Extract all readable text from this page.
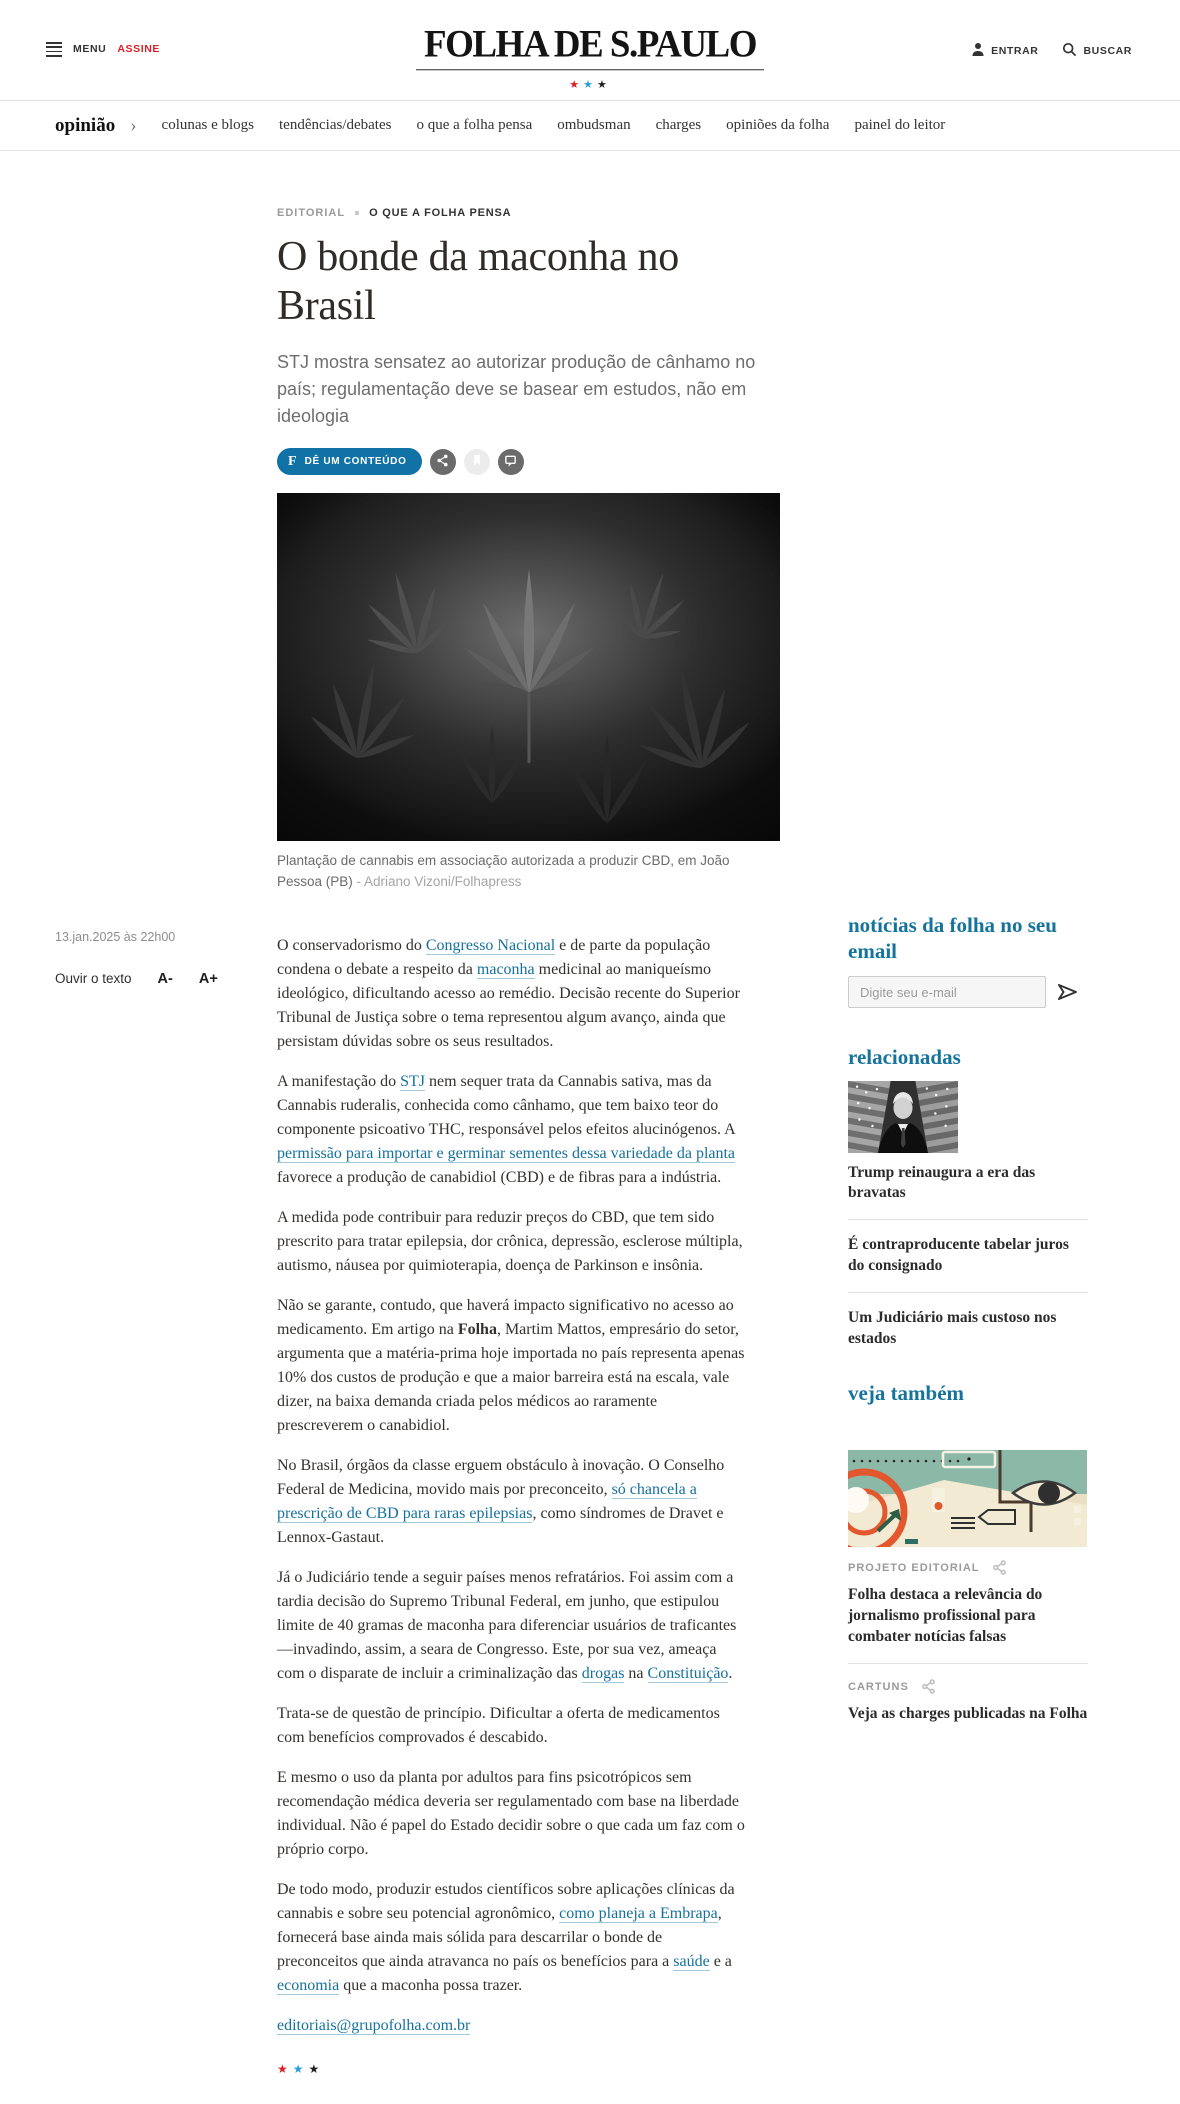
MENU ASSINE	FOLHA DE S.PAULO
★★★
ENTRAR	BUSCAR
opinião › colunas e blogs tendências/debates o que a folha pensa ombudsman charges opiniões da folha painel do leitor
EDITORIAL O QUE A FOLHA PENSA
O bonde da maconha no Brasil

STJ mostra sensatez ao autorizar produção de cânhamo no país; regulamentação deve se basear em estudos, não em ideologia

F DÊ UM CONTEÚDO
Plantação de cannabis em associação autorizada a produzir CBD, em João Pessoa (PB) - Adriano Vizoni/Folhapress
13.jan.2025 às 22h00
Ouvir o texto A- A+

O conservadorismo do Congresso Nacional e de parte da população condena o debate a respeito da maconha medicinal ao maniqueísmo ideológico, dificultando acesso ao remédio. Decisão recente do Superior Tribunal de Justiça sobre o tema representou algum avanço, ainda que persistam dúvidas sobre os seus resultados.

A manifestação do STJ nem sequer trata da Cannabis sativa, mas da Cannabis ruderalis, conhecida como cânhamo, que tem baixo teor do componente psicoativo THC, responsável pelos efeitos alucinógenos. A permissão para importar e germinar sementes dessa variedade da planta favorece a produção de canabidiol (CBD) e de fibras para a indústria.

A medida pode contribuir para reduzir preços do CBD, que tem sido prescrito para tratar epilepsia, dor crônica, depressão, esclerose múltipla, autismo, náusea por quimioterapia, doença de Parkinson e insônia.

Não se garante, contudo, que haverá impacto significativo no acesso ao medicamento. Em artigo na Folha, Martim Mattos, empresário do setor, argumenta que a matéria-prima hoje importada no país representa apenas 10% dos custos de produção e que a maior barreira está na escala, vale dizer, na baixa demanda criada pelos médicos ao raramente prescreverem o canabidiol.

No Brasil, órgãos da classe erguem obstáculo à inovação. O Conselho Federal de Medicina, movido mais por preconceito, só chancela a prescrição de CBD para raras epilepsias, como síndromes de Dravet e Lennox-Gastaut.

Já o Judiciário tende a seguir países menos refratários. Foi assim com a tardia decisão do Supremo Tribunal Federal, em junho, que estipulou limite de 40 gramas de maconha para diferenciar usuários de traficantes —invadindo, assim, a seara de Congresso. Este, por sua vez, ameaça com o disparate de incluir a criminalização das drogas na Constituição.

Trata-se de questão de princípio. Dificultar a oferta de medicamentos com benefícios comprovados é descabido.

E mesmo o uso da planta por adultos para fins psicotrópicos sem recomendação médica deveria ser regulamentado com base na liberdade individual. Não é papel do Estado decidir sobre o que cada um faz com o próprio corpo.

De todo modo, produzir estudos científicos sobre aplicações clínicas da cannabis e sobre seu potencial agronômico, como planeja a Embrapa, fornecerá base ainda mais sólida para descarrilar o bonde de preconceitos que ainda atravanca no país os benefícios para a saúde e a economia que a maconha possa trazer.

editoriais@grupofolha.com.br

★★★
notícias da folha no seu email
Digite seu e-mail
relacionadas
Trump reinaugura a era das bravatas
É contraproducente tabelar juros do consignado
Um Judiciário mais custoso nos estados
veja também
PROJETO EDITORIAL
Folha destaca a relevância do jornalismo profissional para combater notícias falsas
CARTUNS
Veja as charges publicadas na Folha
